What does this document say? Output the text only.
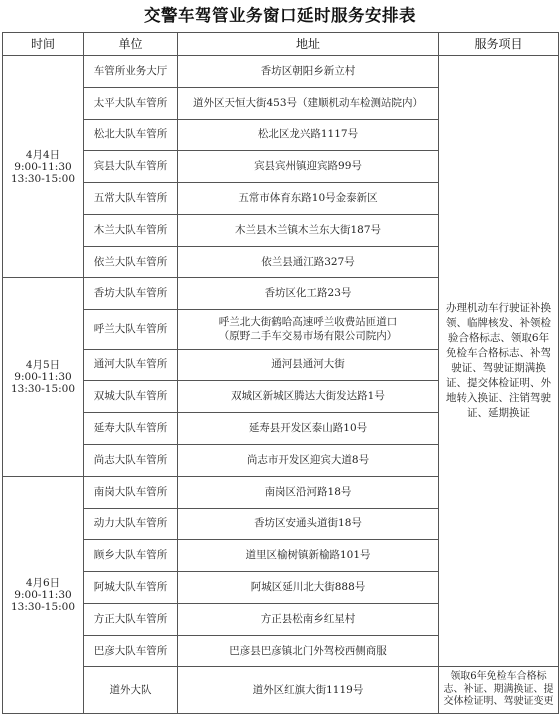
交警车驾管业务窗口延时服务安排表
时间	单位	地址	服务项目
4月4日
9:00-11:30
13:30-15:00	车管所业务大厅	香坊区朝阳乡新立村	办理机动车行驶证补换领、临牌核发、补领检验合格标志、领取6年免检车合格标志、补驾驶证、驾驶证期满换证、提交体检证明、外地转入换证、注销驾驶证、延期换证
	太平大队车管所	道外区天恒大街453号（建顺机动车检测站院内）	
	松北大队车管所	松北区龙兴路1117号	
	宾县大队车管所	宾县宾州镇迎宾路99号	
	五常大队车管所	五常市体育东路10号金泰新区	
	木兰大队车管所	木兰县木兰镇木兰东大街187号	
	依兰大队车管所	依兰县通江路327号	
4月5日
9:00-11:30
13:30-15:00	香坊大队车管所	香坊区化工路23号	
	呼兰大队车管所	呼兰北大街鹤哈高速呼兰收费站匝道口
（原野二手车交易市场有限公司院内）	
	通河大队车管所	通河县通河大街	
	双城大队车管所	双城区新城区腾达大街发达路1号	
	延寿大队车管所	延寿县开发区泰山路10号	
	尚志大队车管所	尚志市开发区迎宾大道8号	
4月6日
9:00-11:30
13:30-15:00	南岗大队车管所	南岗区沿河路18号	
	动力大队车管所	香坊区安通头道街18号	
	顾乡大队车管所	道里区榆树镇新榆路101号	
	阿城大队车管所	阿城区延川北大街888号	
	方正大队车管所	方正县松南乡红星村	
	巴彦大队车管所	巴彦县巴彦镇北门外驾校西侧商服	
	道外大队	道外区红旗大街1119号	领取6年免检车合格标志、补证、期满换证、提交体检证明、驾驶证变更
